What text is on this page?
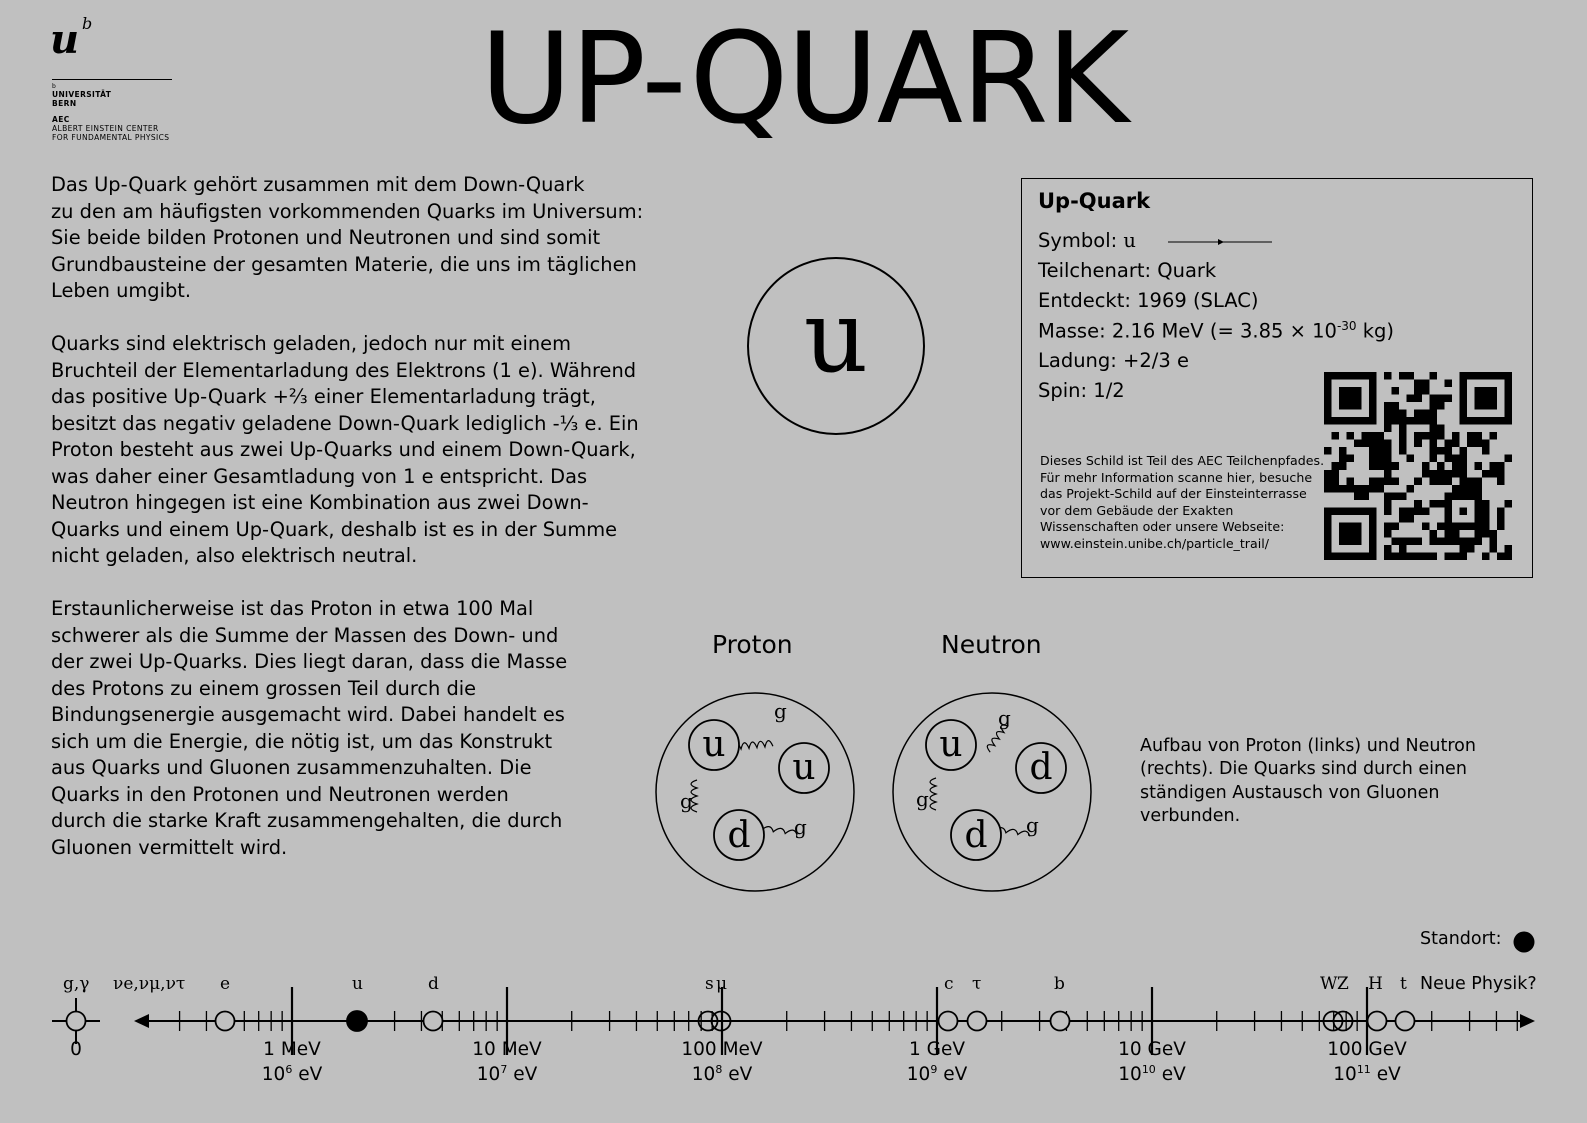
u b
b
UNIVERSITÄT
BERN
AEC
ALBERT EINSTEIN CENTER
FOR FUNDAMENTAL PHYSICS	UP-QUARK
Das Up-Quark gehört zusammen mit dem Down-Quark
zu den am häufigsten vorkommenden Quarks im Universum:
Sie beide bilden Protonen und Neutronen und sind somit
Grundbausteine der gesamten Materie, die uns im täglichen
Leben umgibt.
Quarks sind elektrisch geladen, jedoch nur mit einem
Bruchteil der Elementarladung des Elektrons (1 e). Während
das positive Up-Quark +⅔ einer Elementarladung trägt,
besitzt das negativ geladene Down-Quark lediglich -⅓ e. Ein
Proton besteht aus zwei Up-Quarks und einem Down-Quark,
was daher einer Gesamtladung von 1 e entspricht. Das
Neutron hingegen ist eine Kombination aus zwei Down-
Quarks und einem Up-Quark, deshalb ist es in der Summe
nicht geladen, also elektrisch neutral.
Erstaunlicherweise ist das Proton in etwa 100 Mal
schwerer als die Summe der Massen des Down- und
der zwei Up-Quarks. Dies liegt daran, dass die Masse
des Protons zu einem grossen Teil durch die
Bindungsenergie ausgemacht wird. Dabei handelt es
sich um die Energie, die nötig ist, um das Konstrukt
aus Quarks und Gluonen zusammenzuhalten. Die
Quarks in den Protonen und Neutronen werden
durch die starke Kraft zusammengehalten, die durch
Gluonen vermittelt wird.
u
Up-Quark
Symbol: u
Teilchenart: Quark
Entdeckt: 1969 (SLAC)
Masse: 2.16 MeV (= $3.85 \times 10^{-30}$ kg)
Ladung: +2/3 e
Spin: 1/2
Dieses Schild ist Teil des AEC Teilchenpfades.
Für mehr Information scanne hier, besuche
das Projekt-Schild auf der Einsteinterrasse
vor dem Gebäude der Exakten
Wissenschaften oder unsere Webseite:
www.einstein.unibe.ch/particle_trail/
Proton	Neutron
u
u
d
g
g
g
u
d
d
g
g
g
Aufbau von Proton (links) und Neutron
(rechts). Die Quarks sind durch einen
ständigen Austausch von Gluonen
verbunden.
Standort:
g,γ νe,νμ,ντ e	u	d	s μ	c τ	b	W Z H t Neue Physik?
0	1 MeV
$10^6$ eV
10 MeV
$10^7$ eV
100 MeV
$10^8$ eV
1 GeV
$10^9$ eV
10 GeV
$10^{10}$ eV
100 GeV
$10^{11}$ eV
